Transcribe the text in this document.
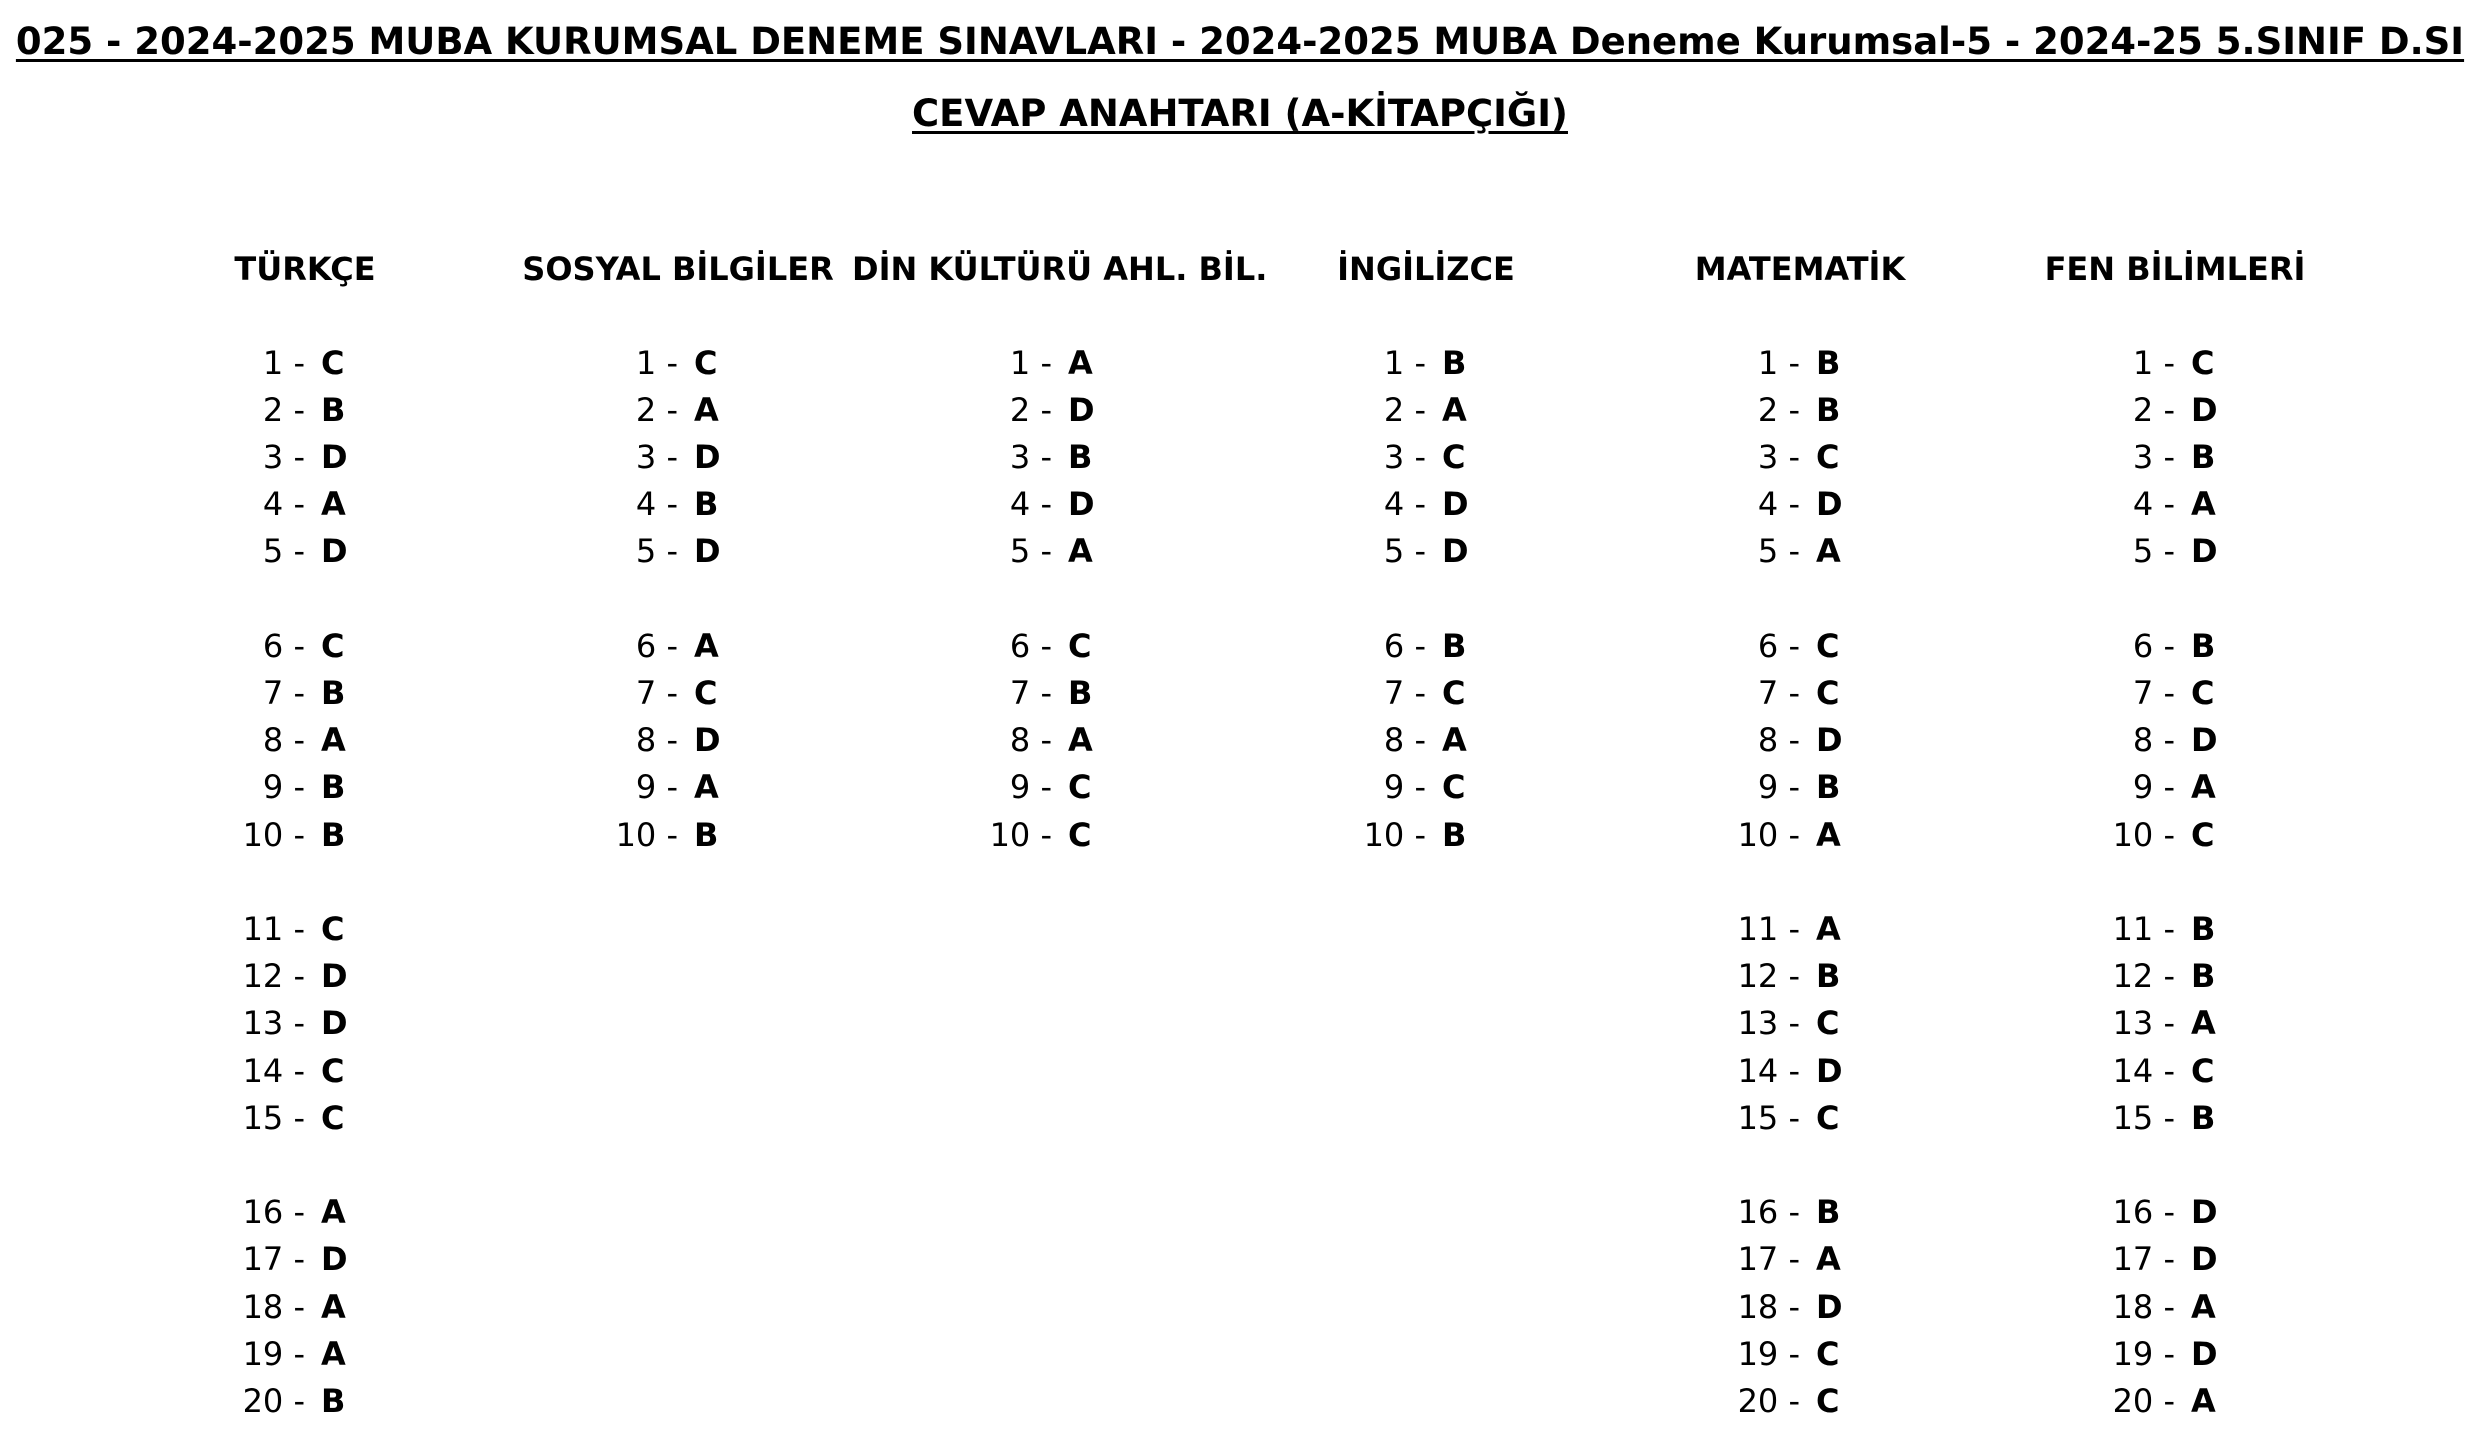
025 - 2024-2025 MUBA KURUMSAL DENEME SINAVLARI - 2024-2025 MUBA Deneme Kurumsal-5 - 2024-25 5.SINIF D.SI
CEVAP ANAHTARI (A-KİTAPÇIĞI)
TÜRKÇE
1 - C
2 - B
3 - D
4 - A
5 - D
6 - C
7 - B
8 - A
9 - B
10 - B
11 - C
12 - D
13 - D
14 - C
15 - C
16 - A
17 - D
18 - A
19 - A
20 - B
SOSYAL BİLGİLER
1 - C
2 - A
3 - D
4 - B
5 - D
6 - A
7 - C
8 - D
9 - A
10 - B
DİN KÜLTÜRÜ AHL. BİL.
1 - A
2 - D
3 - B
4 - D
5 - A
6 - C
7 - B
8 - A
9 - C
10 - C
İNGİLİZCE
1 - B
2 - A
3 - C
4 - D
5 - D
6 - B
7 - C
8 - A
9 - C
10 - B
MATEMATİK
1 - B
2 - B
3 - C
4 - D
5 - A
6 - C
7 - C
8 - D
9 - B
10 - A
11 - A
12 - B
13 - C
14 - D
15 - C
16 - B
17 - A
18 - D
19 - C
20 - C
FEN BİLİMLERİ
1 - C
2 - D
3 - B
4 - A
5 - D
6 - B
7 - C
8 - D
9 - A
10 - C
11 - B
12 - B
13 - A
14 - C
15 - B
16 - D
17 - D
18 - A
19 - D
20 - A
